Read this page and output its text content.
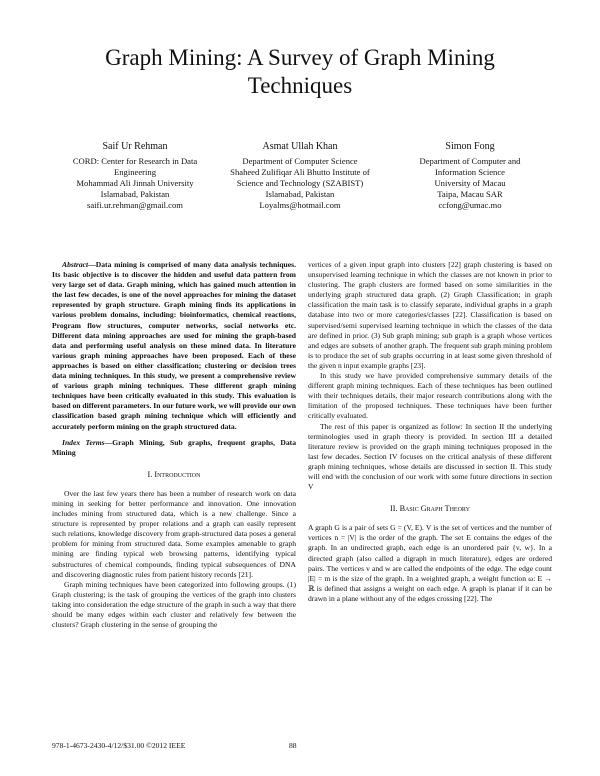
Graph Mining: A Survey of Graph Mining
Techniques
Saif Ur Rehman
CORD: Center for Research in Data
Engineering
Mohammad Ali Jinnah University
Islamabad, Pakistan
saifi.ur.rehman@gmail.com
Asmat Ullah Khan
Department of Computer Science
Shaheed Zulifiqar Ali Bhutto Institute of
Science and Technology (SZABIST)
Islamabad, Pakistan
Loyalms@hotmail.com
Simon Fong
Department of Computer and
Information Science
University of Macau
Taipa, Macau SAR
ccfong@umac.mo

Abstract—Data mining is comprised of many data analysis techniques. Its basic objective is to discover the hidden and useful data pattern from very large set of data. Graph mining, which has gained much attention in the last few decades, is one of the novel approaches for mining the dataset represented by graph structure. Graph mining finds its applications in various problem domains, including: bioinformatics, chemical reactions, Program flow structures, computer networks, social networks etc. Different data mining approaches are used for mining the graph-based data and performing useful analysis on these mined data. In literature various graph mining approaches have been proposed. Each of these approaches is based on either classification; clustering or decision trees data mining techniques. In this study, we present a comprehensive review of various graph mining techniques. These different graph mining techniques have been critically evaluated in this study. This evaluation is based on different parameters. In our future work, we will provide our own classification based graph mining technique which will efficiently and accurately perform mining on the graph structured data.

Index Terms—Graph Mining, Sub graphs, frequent graphs, Data Mining

I. Introduction

Over the last few years there has been a number of research work on data mining in seeking for better performance and innovation. One innovation includes mining from structured data, which is a new challenge. Since a structure is represented by proper relations and a graph can easily represent such relations, knowledge discovery from graph-structured data poses a general problem for mining from structured data. Some examples amenable to graph mining are finding typical web browsing patterns, identifying typical substructures of chemical compounds, finding typical subsequences of DNA and discovering diagnostic rules from patient history records [21].

Graph mining techniques have been categorized into following groups. (1) Graph clustering; is the task of grouping the vertices of the graph into clusters taking into consideration the edge structure of the graph in such a way that there should be many edges within each cluster and relatively few between the clusters? Graph clustering in the sense of grouping the

vertices of a given input graph into clusters [22] graph clustering is based on unsupervised learning technique in which the classes are not known in prior to clustering. The graph clusters are formed based on some similarities in the underlying graph structured data graph. (2) Graph Classification; in graph classification the main task is to classify separate, individual graphs in a graph database into two or more categories/classes [22]. Classification is based on supervised/semi supervised learning technique in which the classes of the data are defined in prior. (3) Sub graph mining; sub graph is a graph whose vertices and edges are subsets of another graph. The frequent sub graph mining problem is to produce the set of sub graphs occurring in at least some given threshold of the given n input example graphs [23].

In this study we have provided comprehensive summary details of the different graph mining techniques. Each of these techniques has been outlined with their techniques details, their major research contributions along with the limitation of the proposed techniques. These techniques have been further critically evaluated.

The rest of this paper is organized as follow: In section II the underlying terminologies used in graph theory is provided. In section III a detailed literature review is provided on the graph mining techniques proposed in the last few decades. Section IV focuses on the critical analysis of these different graph mining techniques, whose details are discussed in section II. This study will end with the conclusion of our work with some future directions in section V

II. Basic Graph Theory

A graph G is a pair of sets G = (V, E). V is the set of vertices and the number of vertices n = |V| is the order of the graph. The set E contains the edges of the graph. In an undirected graph, each edge is an unordered pair {v, w}. In a directed graph (also called a digraph in much literature), edges are ordered pairs. The vertices v and w are called the endpoints of the edge. The edge count |E| = m is the size of the graph. In a weighted graph, a weight function ω: E → ℝ is defined that assigns a weight on each edge. A graph is planar if it can be drawn in a plane without any of the edges crossing [22]. The

978-1-4673-2430-4/12/$31.00 ©2012 IEEE	88
